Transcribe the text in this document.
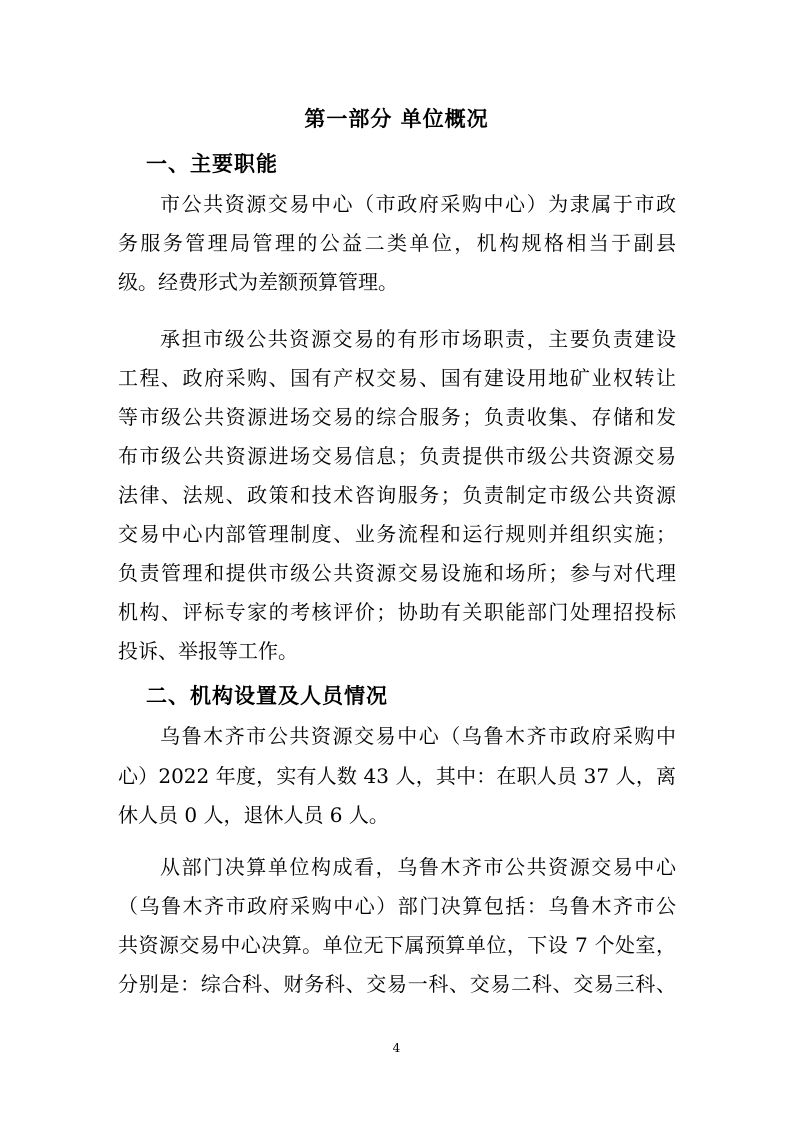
第一部分 单位概况
一、主要职能
市公共资源交易中心（市政府采购中心）为隶属于市政
务服务管理局管理的公益二类单位，机构规格相当于副县
级。经费形式为差额预算管理。
承担市级公共资源交易的有形市场职责，主要负责建设
工程、政府采购、国有产权交易、国有建设用地矿业权转让
等市级公共资源进场交易的综合服务；负责收集、存储和发
布市级公共资源进场交易信息；负责提供市级公共资源交易
法律、法规、政策和技术咨询服务；负责制定市级公共资源
交易中心内部管理制度、业务流程和运行规则并组织实施；
负责管理和提供市级公共资源交易设施和场所；参与对代理
机构、评标专家的考核评价；协助有关职能部门处理招投标
投诉、举报等工作。
二、机构设置及人员情况
乌鲁木齐市公共资源交易中心（乌鲁木齐市政府采购中
心）2022 年度，实有人数 43 人，其中：在职人员 37 人，离
休人员 0 人，退休人员 6 人。
从部门决算单位构成看，乌鲁木齐市公共资源交易中心
（乌鲁木齐市政府采购中心）部门决算包括：乌鲁木齐市公
共资源交易中心决算。单位无下属预算单位，下设 7 个处室，
分别是：综合科、财务科、交易一科、交易二科、交易三科、
4
